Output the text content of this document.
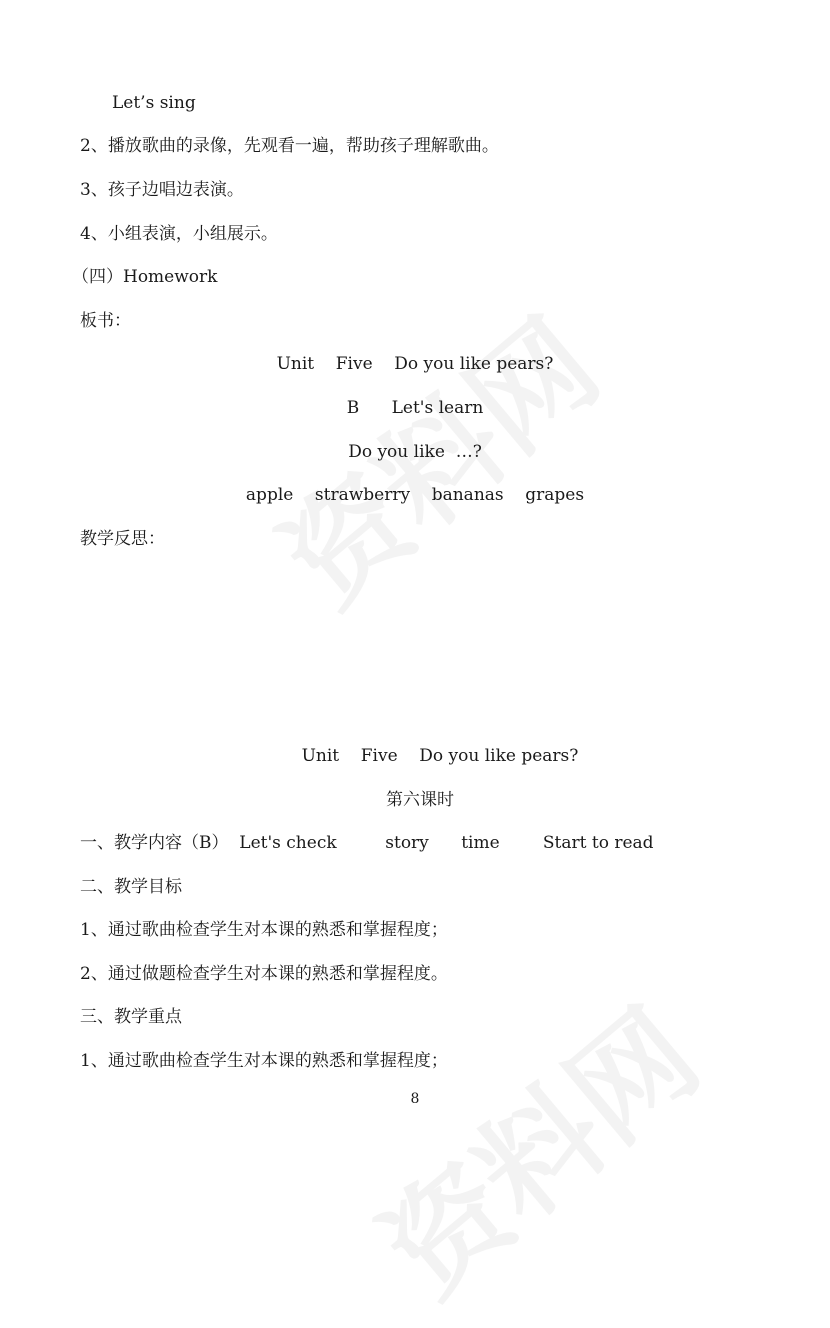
Let’s sing
2、播放歌曲的录像，先观看一遍，帮助孩子理解歌曲。
3、孩子边唱边表演。
4、小组表演，小组展示。
（四）Homework
板书：
Unit    Five    Do you like pears?
B      Let's learn
Do you like  …?
apple    strawberry    bananas    grapes
教学反思：
Unit    Five    Do you like pears?
第六课时
一、教学内容（B）  Let's check         story      time        Start to read
二、教学目标
1、通过歌曲检查学生对本课的熟悉和掌握程度；
2、通过做题检查学生对本课的熟悉和掌握程度。
三、教学重点
1、通过歌曲检查学生对本课的熟悉和掌握程度；
8
